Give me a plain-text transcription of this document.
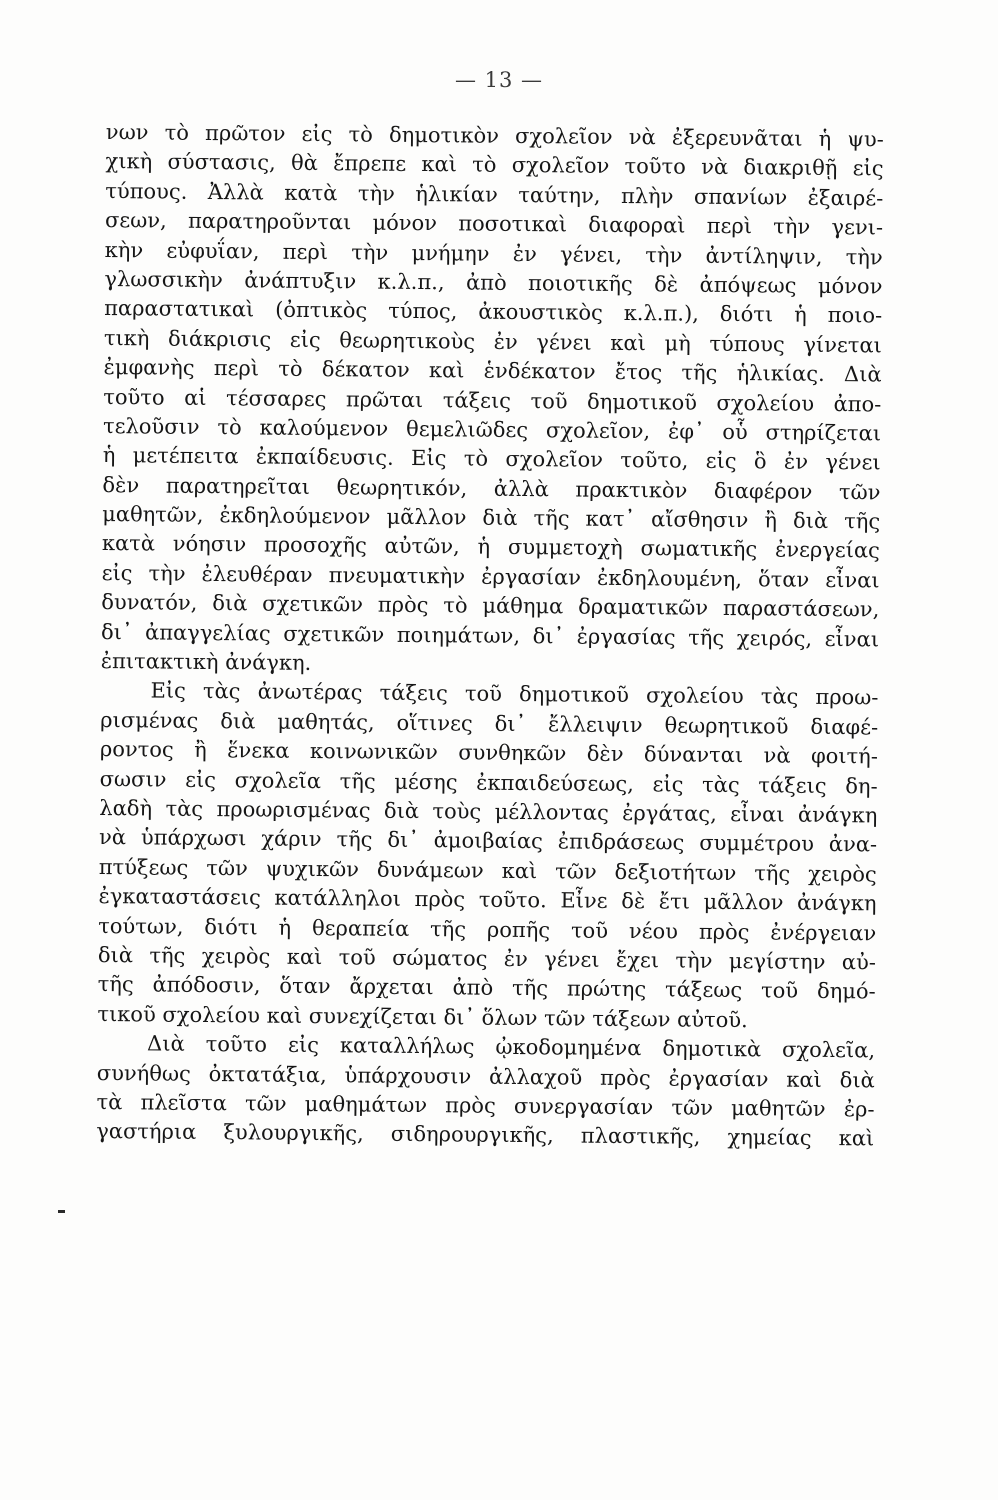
— 13 —
νων τὸ πρῶτον εἰς τὸ δημοτικὸν σχολεῖον νὰ ἐξερευνᾶται ἡ ψυ-
χικὴ σύστασις, θὰ ἔπρεπε καὶ τὸ σχολεῖον τοῦτο νὰ διακριθῇ εἰς
τύπους. Ἀλλὰ κατὰ τὴν ἡλικίαν ταύτην, πλὴν σπανίων ἐξαιρέ-
σεων, παρατηροῦνται μόνον ποσοτικαὶ διαφοραὶ περὶ τὴν γενι-
κὴν εὐφυΐαν, περὶ τὴν μνήμην ἐν γένει, τὴν ἀντίληψιν, τὴν
γλωσσικὴν ἀνάπτυξιν κ.λ.π., ἀπὸ ποιοτικῆς δὲ ἀπόψεως μόνον
παραστατικαὶ (ὀπτικὸς τύπος, ἀκουστικὸς κ.λ.π.), διότι ἡ ποιο-
τικὴ διάκρισις εἰς θεωρητικοὺς ἐν γένει καὶ μὴ τύπους γίνεται
ἐμφανὴς περὶ τὸ δέκατον καὶ ἑνδέκατον ἔτος τῆς ἡλικίας. Διὰ
τοῦτο αἱ τέσσαρες πρῶται τάξεις τοῦ δημοτικοῦ σχολείου ἀπο-
τελοῦσιν τὸ καλούμενον θεμελιῶδες σχολεῖον, ἐφ᾽ οὗ στηρίζεται
ἡ μετέπειτα ἐκπαίδευσις. Εἰς τὸ σχολεῖον τοῦτο, εἰς ὃ ἐν γένει
δὲν παρατηρεῖται θεωρητικόν, ἀλλὰ πρακτικὸν διαφέρον τῶν
μαθητῶν, ἐκδηλούμενον μᾶλλον διὰ τῆς κατ᾽ αἴσθησιν ἢ διὰ τῆς
κατὰ νόησιν προσοχῆς αὐτῶν, ἡ συμμετοχὴ σωματικῆς ἐνεργείας
εἰς τὴν ἐλευθέραν πνευματικὴν ἐργασίαν ἐκδηλουμένη, ὅταν εἶναι
δυνατόν, διὰ σχετικῶν πρὸς τὸ μάθημα δραματικῶν παραστάσεων,
δι᾽ ἀπαγγελίας σχετικῶν ποιημάτων, δι᾽ ἐργασίας τῆς χειρός, εἶναι
ἐπιτακτικὴ ἀνάγκη.
Εἰς τὰς ἀνωτέρας τάξεις τοῦ δημοτικοῦ σχολείου τὰς προω-
ρισμένας διὰ μαθητάς, οἵτινες δι᾽ ἔλλειψιν θεωρητικοῦ διαφέ-
ροντος ἢ ἕνεκα κοινωνικῶν συνθηκῶν δὲν δύνανται νὰ φοιτή-
σωσιν εἰς σχολεῖα τῆς μέσης ἐκπαιδεύσεως, εἰς τὰς τάξεις δη-
λαδὴ τὰς προωρισμένας διὰ τοὺς μέλλοντας ἐργάτας, εἶναι ἀνάγκη
νὰ ὑπάρχωσι χάριν τῆς δι᾽ ἀμοιβαίας ἐπιδράσεως συμμέτρου ἀνα-
πτύξεως τῶν ψυχικῶν δυνάμεων καὶ τῶν δεξιοτήτων τῆς χειρὸς
ἐγκαταστάσεις κατάλληλοι πρὸς τοῦτο. Εἶνε δὲ ἔτι μᾶλλον ἀνάγκη
τούτων, διότι ἡ θεραπεία τῆς ροπῆς τοῦ νέου πρὸς ἐνέργειαν
διὰ τῆς χειρὸς καὶ τοῦ σώματος ἐν γένει ἔχει τὴν μεγίστην αὐ-
τῆς ἀπόδοσιν, ὅταν ἄρχεται ἀπὸ τῆς πρώτης τάξεως τοῦ δημό-
τικοῦ σχολείου καὶ συνεχίζεται δι᾽ ὅλων τῶν τάξεων αὐτοῦ.
Διὰ τοῦτο εἰς καταλλήλως ᾠκοδομημένα δημοτικὰ σχολεῖα,
συνήθως ὀκτατάξια, ὑπάρχουσιν ἀλλαχοῦ πρὸς ἐργασίαν καὶ διὰ
τὰ πλεῖστα τῶν μαθημάτων πρὸς συνεργασίαν τῶν μαθητῶν ἐρ-
γαστήρια ξυλουργικῆς, σιδηρουργικῆς, πλαστικῆς, χημείας καὶ
